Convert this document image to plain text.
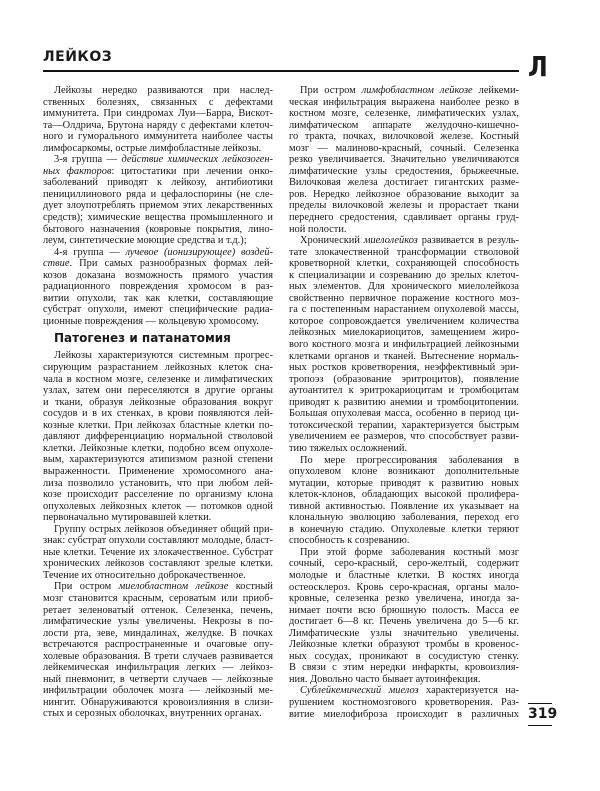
ЛЕЙКОЗ	Л
Лейкозы нередко развиваются при наслед-
ственных болезнях, связанных с дефектами
иммунитета. При синдромах Луи—Барра, Вискот-
та—Олдрича, Брутона наряду с дефектами клеточ-
ного и гуморального иммунитета наиболее часты
лимфосаркомы, острые лимфобластные лейкозы.
3-я группа — действие химических лейкозоген-
ных факторов: цитостатики при лечении онко-
заболеваний приводят к лейкозу, антибиотики
пенициллинового ряда и цефалоспорины (не сле-
дует злоупотреблять приемом этих лекарственных
средств); химические вещества промышленного и
бытового назначения (ковровые покрытия, лино-
леум, синтетические моющие средства и т.д.);
4-я группа — лучевое (ионизирующее) воздей-
ствие. При самых разнообразных формах лей-
козов доказана возможность прямого участия
радиационного повреждения хромосом в раз-
витии опухоли, так как клетки, составляющие
субстрат опухоли, имеют специфические радиа-
ционные повреждения — кольцевую хромосому.
Патогенез и патанатомия
Лейкозы характеризуются системным прогрес-
сирующим разрастанием лейкозных клеток сна-
чала в костном мозге, селезенке и лимфатических
узлах, затем они переселяются в другие органы
и ткани, образуя лейкозные образования вокруг
сосудов и в их стенках, в крови появляются лей-
козные клетки. При лейкозах бластные клетки по-
давляют дифференциацию нормальной стволовой
клетки. Лейкозные клетки, подобно всем опухоле-
вым, характеризуются атипизмом разной степени
выраженности. Применение хромосомного ана-
лиза позволило установить, что при любом лей-
козе происходит расселение по организму клона
опухолевых лейкозных клеток — потомков одной
первоначально мутировавшей клетки.
Группу острых лейкозов объединяет общий при-
знак: субстрат опухоли составляют молодые, бласт-
ные клетки. Течение их злокачественное. Субстрат
хронических лейкозов составляют зрелые клетки.
Течение их относительно доброкачественное.
При остром миелобластном лейкозе костный
мозг становится красным, сероватым или приоб-
ретает зеленоватый оттенок. Селезенка, печень,
лимфатические узлы увеличены. Некрозы в по-
лости рта, зеве, миндалинах, желудке. В почках
встречаются распространенные и очаговые опу-
холевые образования. В трети случаев развивается
лейкемическая инфильтрация легких — лейкоз-
ный пневмонит, в четверти случаев — лейкозные
инфильтрации оболочек мозга — лейкозный ме-
нингит. Обнаруживаются кровоизлияния в слизи-
стых и серозных оболочках, внутренних органах.
При остром лимфобластном лейкозе лейкеми-
ческая инфильтрация выражена наиболее резко в
костном мозге, селезенке, лимфатических узлах,
лимфатическом аппарате желудочно-кишечно-
го тракта, почках, вилочковой железе. Костный
мозг — малиново-красный, сочный. Селезенка
резко увеличивается. Значительно увеличиваются
лимфатические узлы средостения, брыжеечные.
Вилочковая железа достигает гигантских разме-
ров. Нередко лейкозное образование выходит за
пределы вилочковой железы и прорастает ткани
переднего средостения, сдавливает органы груд-
ной полости.
Хронический миелолейкоз развивается в резуль-
тате злокачественной трансформации стволовой
кроветворной клетки, сохраняющей способность
к специализации и созреванию до зрелых клеточ-
ных элементов. Для хронического миелолейкоза
свойственно первичное поражение костного моз-
га с постепенным нарастанием опухолевой массы,
которое сопровождается увеличением количества
лейкозных миелокариоцитов, замещением жиро-
вого костного мозга и инфильтрацией лейкозными
клетками органов и тканей. Вытеснение нормаль-
ных ростков кроветворения, неэффективный эри-
тропоэз (образование эритроцитов), появление
аутоантител к эритрокариоцитам и тромбоцитам
приводят к развитию анемии и тромбоцитопении.
Большая опухолевая масса, особенно в период ци-
тотоксической терапии, характеризуется быстрым
увеличением ее размеров, что способствует разви-
тию тяжелых осложнений.
По мере прогрессирования заболевания в
опухолевом клоне возникают дополнительные
мутации, которые приводят к развитию новых
клеток-клонов, обладающих высокой пролифера-
тивной активностью. Появление их указывает на
клональную эволюцию заболевания, переход его
в конечную стадию. Опухолевые клетки теряют
способность к созреванию.
При этой форме заболевания костный мозг
сочный, серо-красный, серо-желтый, содержит
молодые и бластные клетки. В костях иногда
остеосклероз. Кровь серо-красная, органы мало-
кровные, селезенка резко увеличена, иногда за-
нимает почти всю брюшную полость. Масса ее
достигает 6—8 кг. Печень увеличена до 5—6 кг.
Лимфатические узлы значительно увеличены.
Лейкозные клетки образуют тромбы в кровенос-
ных сосудах, проникают в сосудистую стенку.
В связи с этим нередки инфаркты, кровоизлия-
ния. Довольно часто бывает аутоинфекция.
Сублейкемический миелоз характеризуется на-
рушением костномозгового кроветворения. Раз-
витие миелофиброза происходит в различных 319
